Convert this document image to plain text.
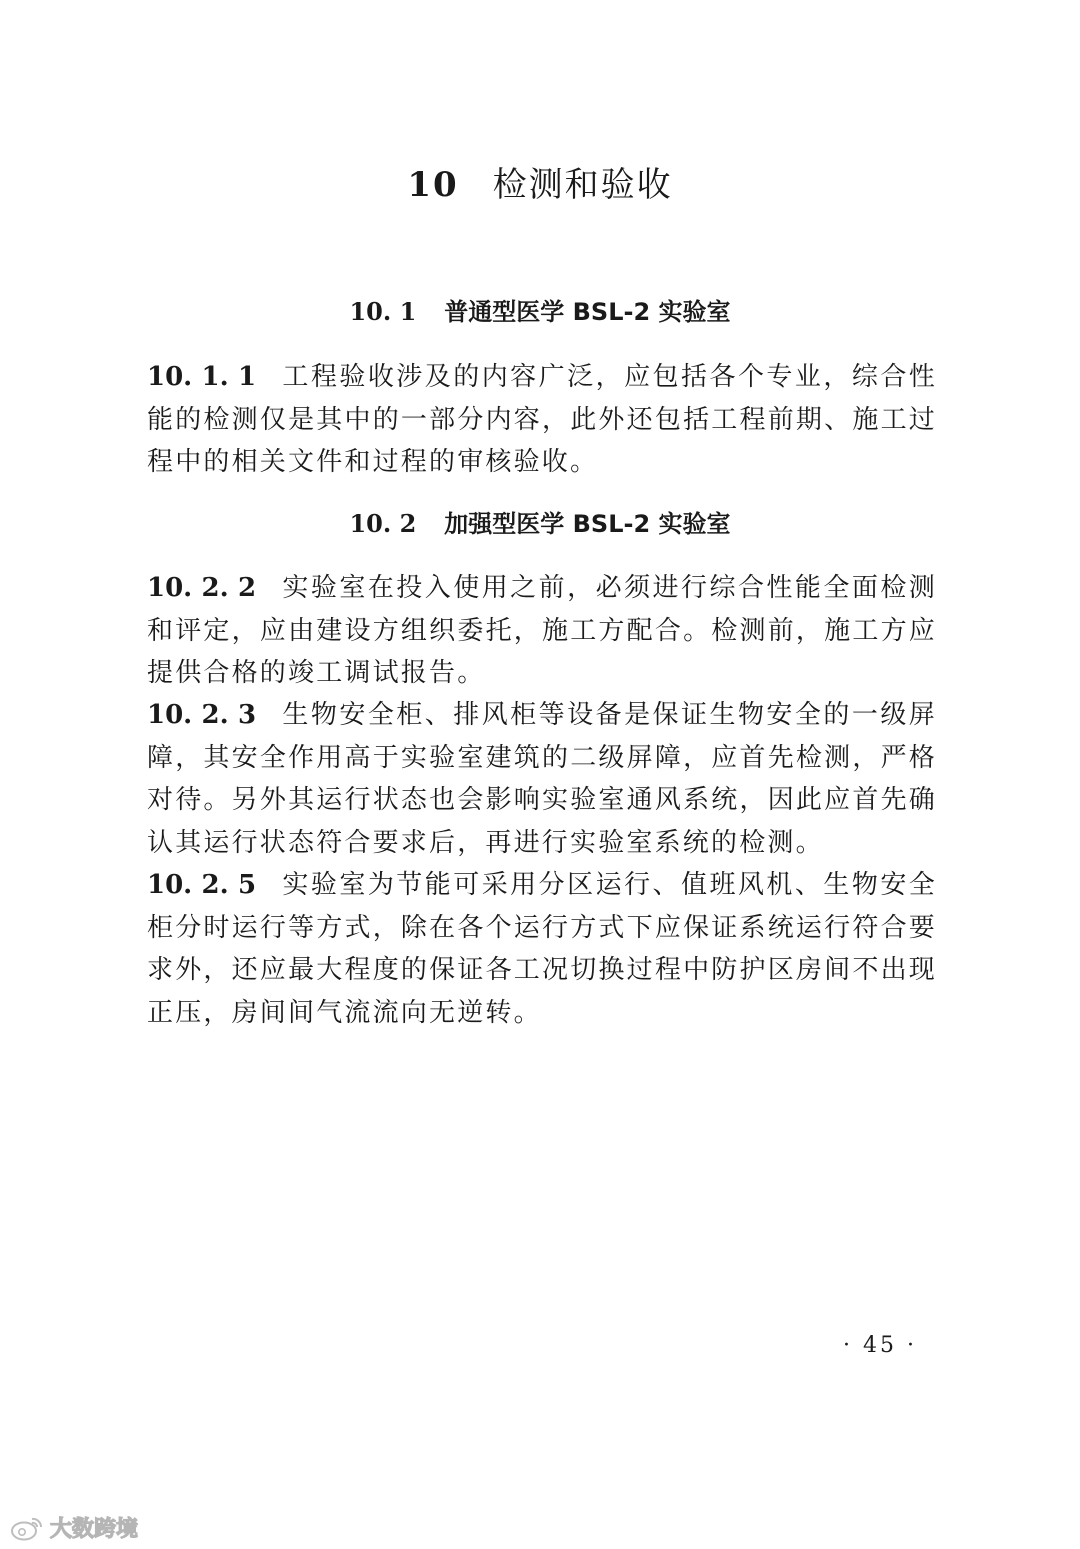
10 检测和验收
10. 1 普通型医学 BSL-2 实验室
10. 1. 1 工程验收涉及的内容广泛，应包括各个专业，综合性能的检测仅是其中的一部分内容，此外还包括工程前期、施工过程中的相关文件和过程的审核验收。
10. 2 加强型医学 BSL-2 实验室
10. 2. 2 实验室在投入使用之前，必须进行综合性能全面检测和评定，应由建设方组织委托，施工方配合。检测前，施工方应提供合格的竣工调试报告。
10. 2. 3 生物安全柜、排风柜等设备是保证生物安全的一级屏障，其安全作用高于实验室建筑的二级屏障，应首先检测，严格对待。另外其运行状态也会影响实验室通风系统，因此应首先确认其运行状态符合要求后，再进行实验室系统的检测。
10. 2. 5 实验室为节能可采用分区运行、值班风机、生物安全柜分时运行等方式，除在各个运行方式下应保证系统运行符合要求外，还应最大程度的保证各工况切换过程中防护区房间不出现正压，房间间气流流向无逆转。
· 45 ·
大数跨境
